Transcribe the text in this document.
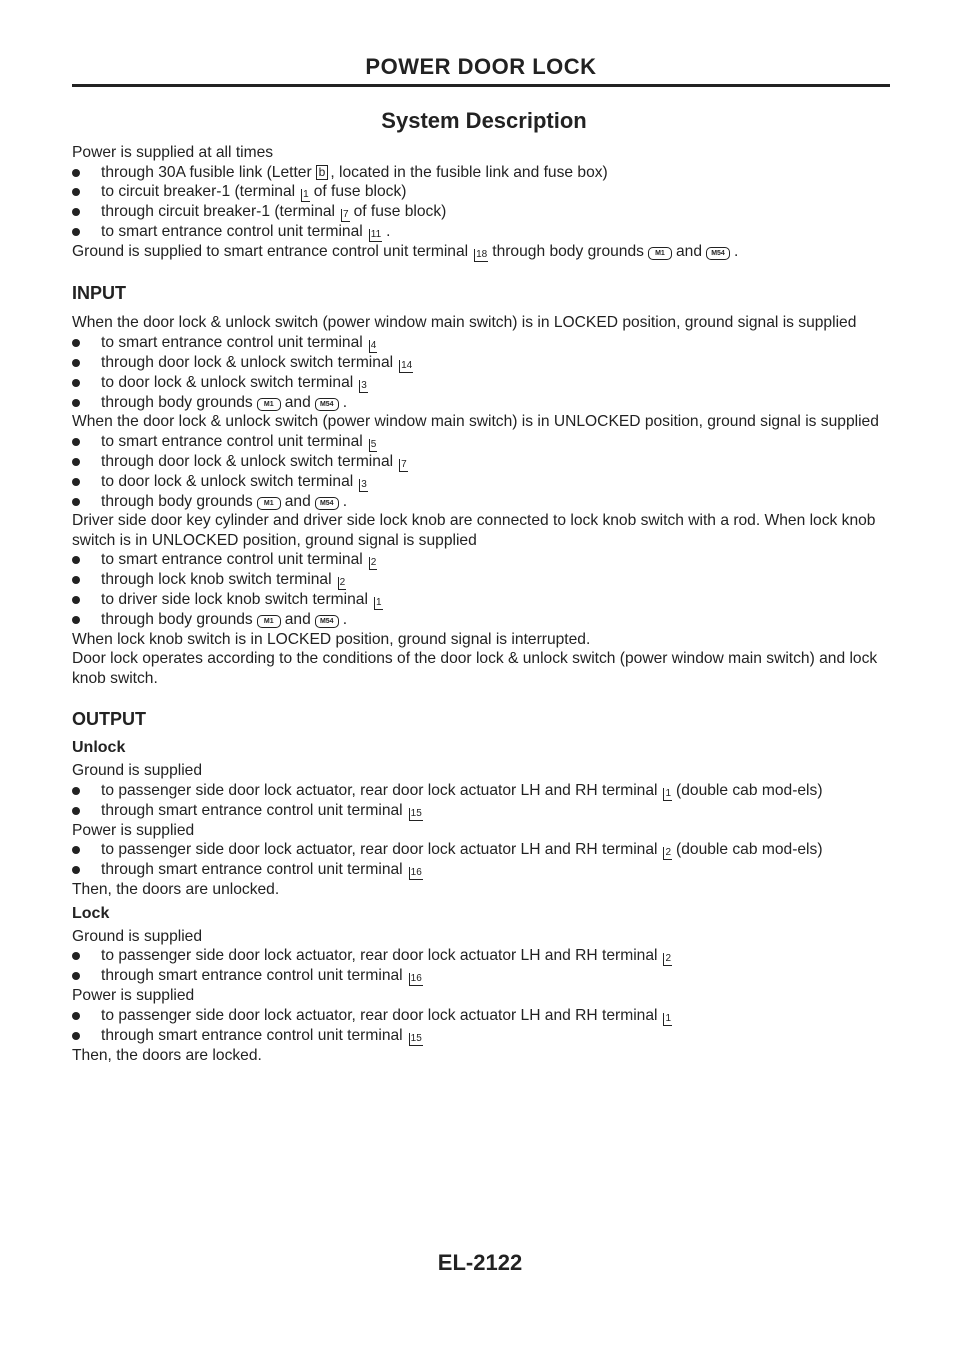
POWER DOOR LOCK
System Description
Power is supplied at all times
through 30A fusible link (Letter b , located in the fusible link and fuse box)
to circuit breaker-1 (terminal 1 of fuse block)
through circuit breaker-1 (terminal 7 of fuse block)
to smart entrance control unit terminal 11 .
Ground is supplied to smart entrance control unit terminal 18 through body grounds M1 and M54 .
INPUT
When the door lock & unlock switch (power window main switch) is in LOCKED position, ground signal is supplied
to smart entrance control unit terminal 4
through door lock & unlock switch terminal 14
to door lock & unlock switch terminal 3
through body grounds M1 and M54 .
When the door lock & unlock switch (power window main switch) is in UNLOCKED position, ground signal is supplied
to smart entrance control unit terminal 5
through door lock & unlock switch terminal 7
to door lock & unlock switch terminal 3
through body grounds M1 and M54 .
Driver side door key cylinder and driver side lock knob are connected to lock knob switch with a rod. When lock knob switch is in UNLOCKED position, ground signal is supplied
to smart entrance control unit terminal 2
through lock knob switch terminal 2
to driver side lock knob switch terminal 1
through body grounds M1 and M54 .
When lock knob switch is in LOCKED position, ground signal is interrupted.
Door lock operates according to the conditions of the door lock & unlock switch (power window main switch) and lock knob switch.
OUTPUT
Unlock
Ground is supplied
to passenger side door lock actuator, rear door lock actuator LH and RH terminal 1 (double cab mod-els)
through smart entrance control unit terminal 15
Power is supplied
to passenger side door lock actuator, rear door lock actuator LH and RH terminal 2 (double cab mod-els)
through smart entrance control unit terminal 16
Then, the doors are unlocked.
Lock
Ground is supplied
to passenger side door lock actuator, rear door lock actuator LH and RH terminal 2
through smart entrance control unit terminal 16
Power is supplied
to passenger side door lock actuator, rear door lock actuator LH and RH terminal 1
through smart entrance control unit terminal 15
Then, the doors are locked.
EL-2122
